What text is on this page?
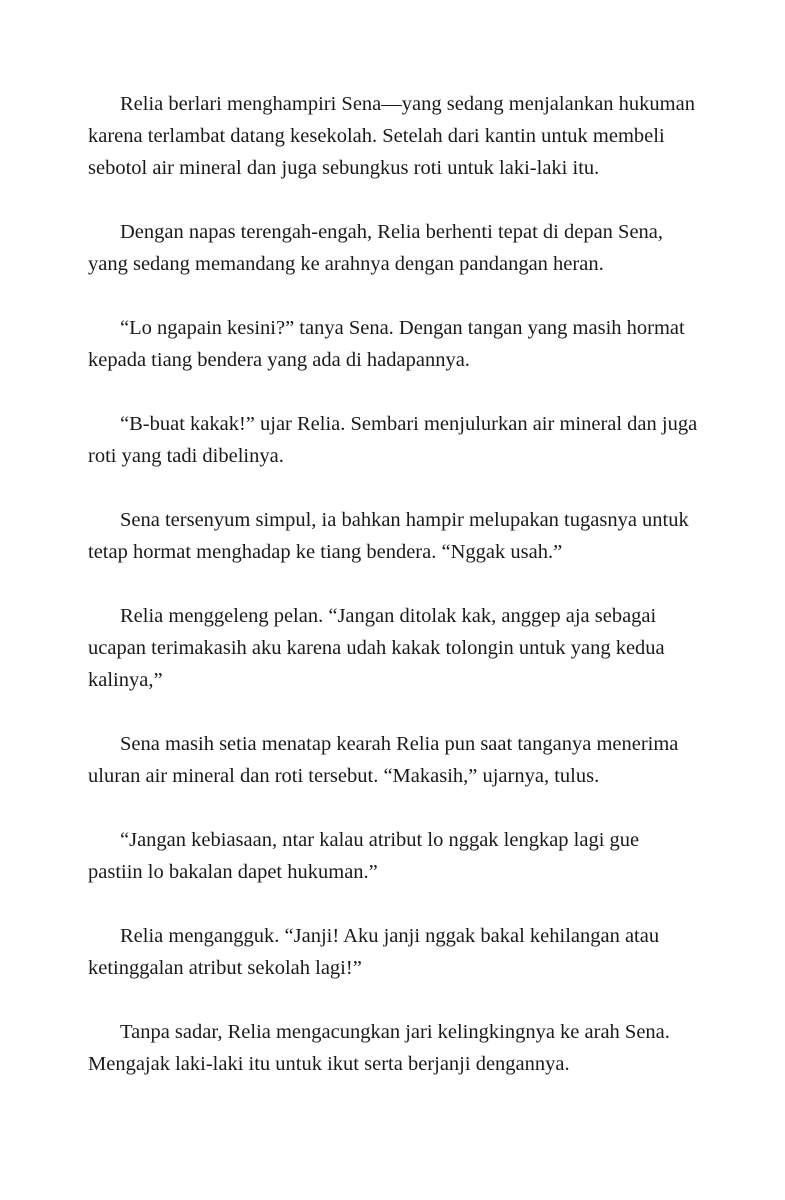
Relia berlari menghampiri Sena—yang sedang menjalankan hukuman karena terlambat datang kesekolah. Setelah dari kantin untuk membeli sebotol air mineral dan juga sebungkus roti untuk laki-laki itu.

Dengan napas terengah-engah, Relia berhenti tepat di depan Sena, yang sedang memandang ke arahnya dengan pandangan heran.

“Lo ngapain kesini?” tanya Sena. Dengan tangan yang masih hormat kepada tiang bendera yang ada di hadapannya.

“B-buat kakak!” ujar Relia. Sembari menjulurkan air mineral dan juga roti yang tadi dibelinya.

Sena tersenyum simpul, ia bahkan hampir melupakan tugasnya untuk tetap hormat menghadap ke tiang bendera. “Nggak usah.”

Relia menggeleng pelan. “Jangan ditolak kak, anggep aja sebagai ucapan terimakasih aku karena udah kakak tolongin untuk yang kedua kalinya,”

Sena masih setia menatap kearah Relia pun saat tanganya menerima uluran air mineral dan roti tersebut. “Makasih,” ujarnya, tulus.

“Jangan kebiasaan, ntar kalau atribut lo nggak lengkap lagi gue pastiin lo bakalan dapet hukuman.”

Relia mengangguk. “Janji! Aku janji nggak bakal kehilangan atau ketinggalan atribut sekolah lagi!”

Tanpa sadar, Relia mengacungkan jari kelingkingnya ke arah Sena. Mengajak laki-laki itu untuk ikut serta berjanji dengannya.
